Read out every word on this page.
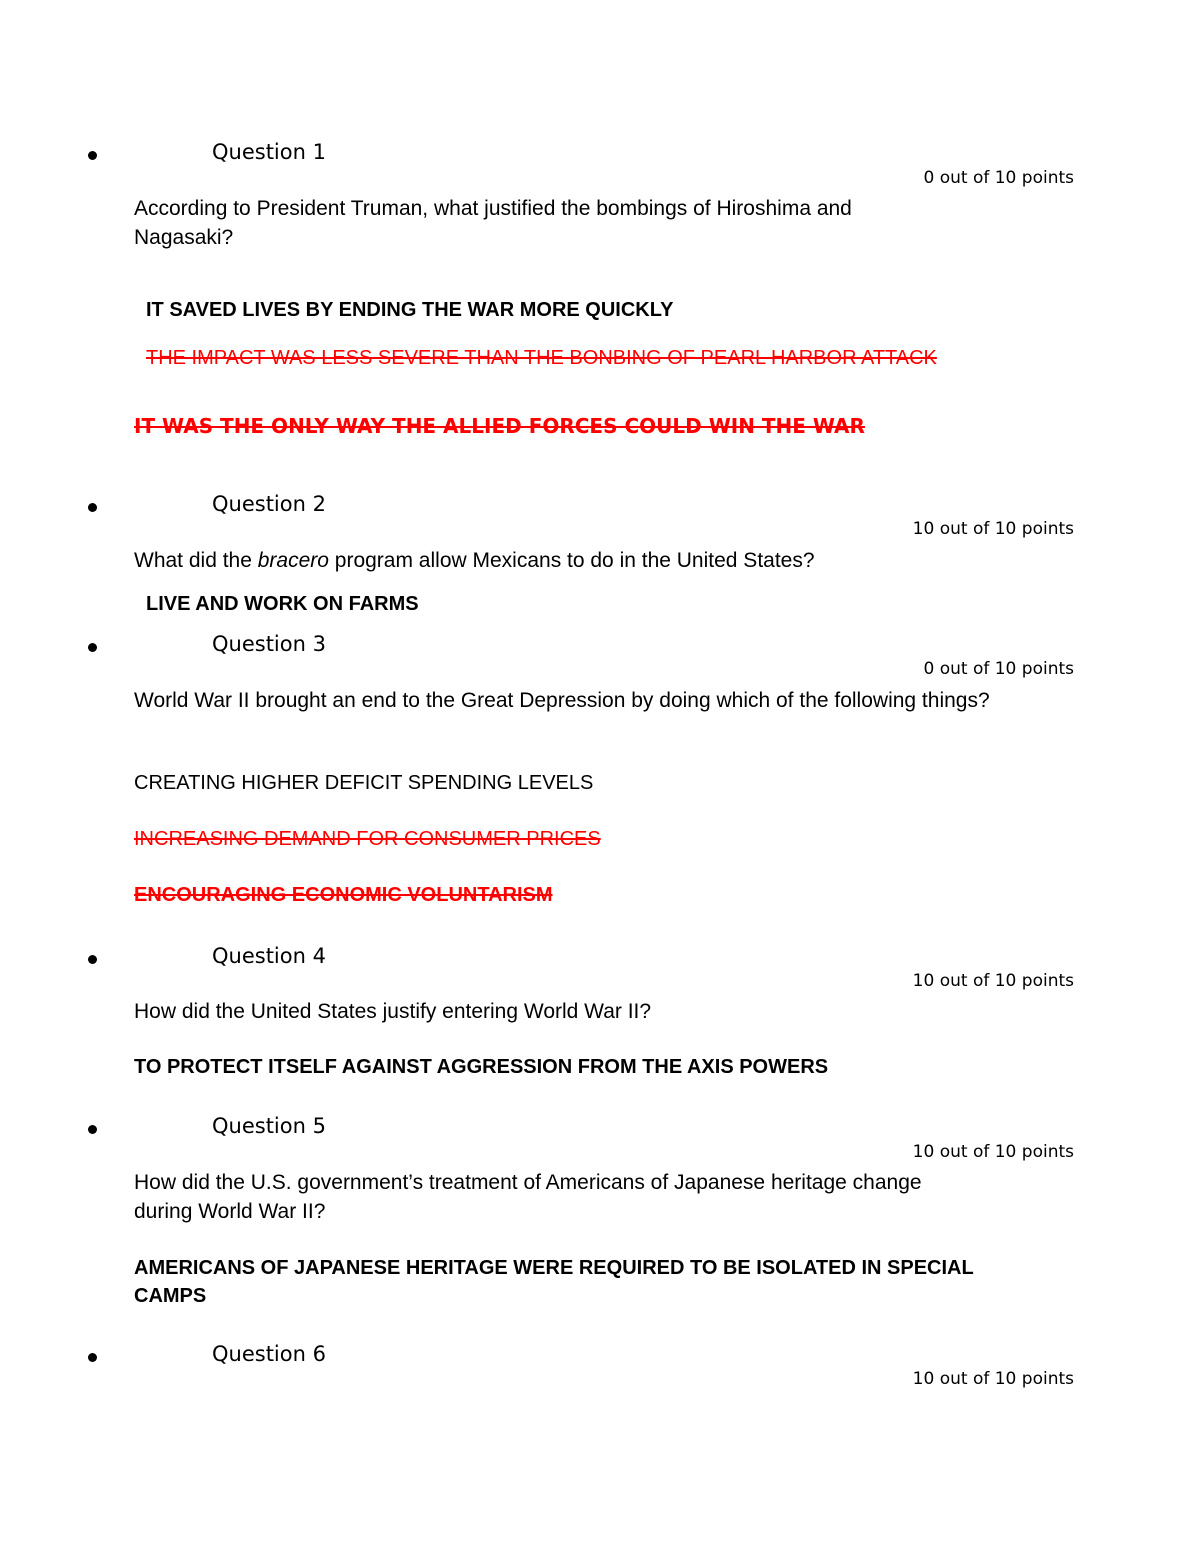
Question 1
0 out of 10 points
According to President Truman, what justified the bombings of Hiroshima and Nagasaki?
IT SAVED LIVES BY ENDING THE WAR MORE QUICKLY
THE IMPACT WAS LESS SEVERE THAN THE BONBING OF PEARL HARBOR ATTACK
IT WAS THE ONLY WAY THE ALLIED FORCES COULD WIN THE WAR
Question 2
10 out of 10 points
What did the bracero program allow Mexicans to do in the United States?
LIVE AND WORK ON FARMS
Question 3
0 out of 10 points
World War II brought an end to the Great Depression by doing which of the following things?
CREATING HIGHER DEFICIT SPENDING LEVELS
INCREASING DEMAND FOR CONSUMER PRICES
ENCOURAGING ECONOMIC VOLUNTARISM
Question 4
10 out of 10 points
How did the United States justify entering World War II?
TO PROTECT ITSELF AGAINST AGGRESSION FROM THE AXIS POWERS
Question 5
10 out of 10 points
How did the U.S. government’s treatment of Americans of Japanese heritage change during World War II?
AMERICANS OF JAPANESE HERITAGE WERE REQUIRED TO BE ISOLATED IN SPECIAL CAMPS
Question 6
10 out of 10 points
